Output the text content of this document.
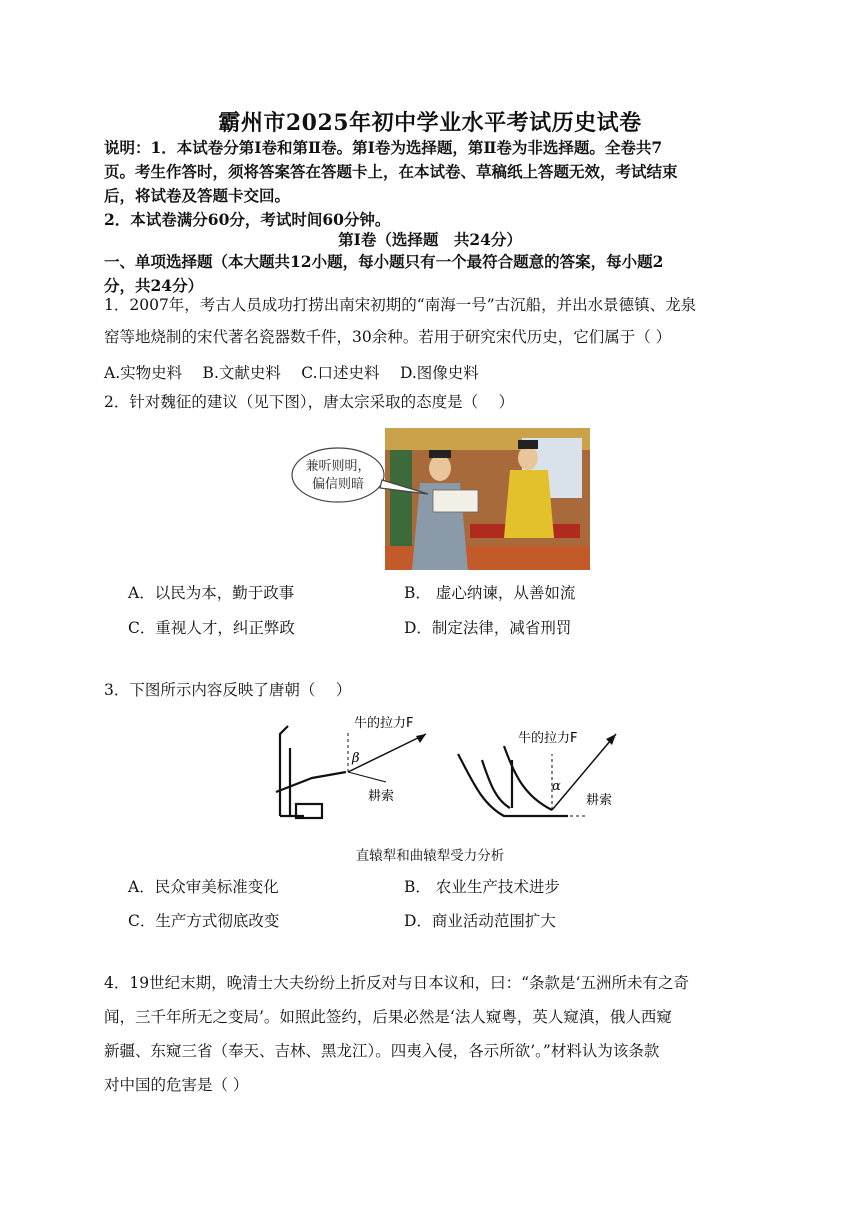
霸州市2025年初中学业水平考试历史试卷
说明：1．本试卷分第Ⅰ卷和第Ⅱ卷。第Ⅰ卷为选择题，第Ⅱ卷为非选择题。全卷共7
页。考生作答时，须将答案答在答题卡上，在本试卷、草稿纸上答题无效，考试结束
后，将试卷及答题卡交回。
2．本试卷满分60分，考试时间60分钟。
第Ⅰ卷（选择题　共24分）
一、单项选择题（本大题共12小题，每小题只有一个最符合题意的答案，每小题2
分，共24分）
1．2007年，考古人员成功打捞出南宋初期的“南海一号”古沉船，并出水景德镇、龙泉
窑等地烧制的宋代著名瓷器数千件，30余种。若用于研究宋代历史，它们属于（ ）
A.实物史料　 B.文献史料　 C.口述史料　 D.图像史料
2．针对魏征的建议（见下图），唐太宗采取的态度是（　 ）
兼听则明，
偏信则暗
A．以民为本，勤于政事	B． 虚心纳谏，从善如流
C．重视人才，纠正弊政	D．制定法律，减省刑罚
3．下图所示内容反映了唐朝（　 ）
β
牛的拉力F
耕索
α
牛的拉力F
耕索
直辕犁和曲辕犁受力分析
A．民众审美标准变化	B． 农业生产技术进步
C．生产方式彻底改变	D．商业活动范围扩大
4．19世纪末期，晚清士大夫纷纷上折反对与日本议和，曰：“条款是‘五洲所未有之奇
闻，三千年所无之变局’。如照此签约，后果必然是‘法人窥粤，英人窥滇，俄人西窥
新疆、东窥三省（奉天、吉林、黑龙江）。四夷入侵，各示所欲’。”材料认为该条款
对中国的危害是（ ）
